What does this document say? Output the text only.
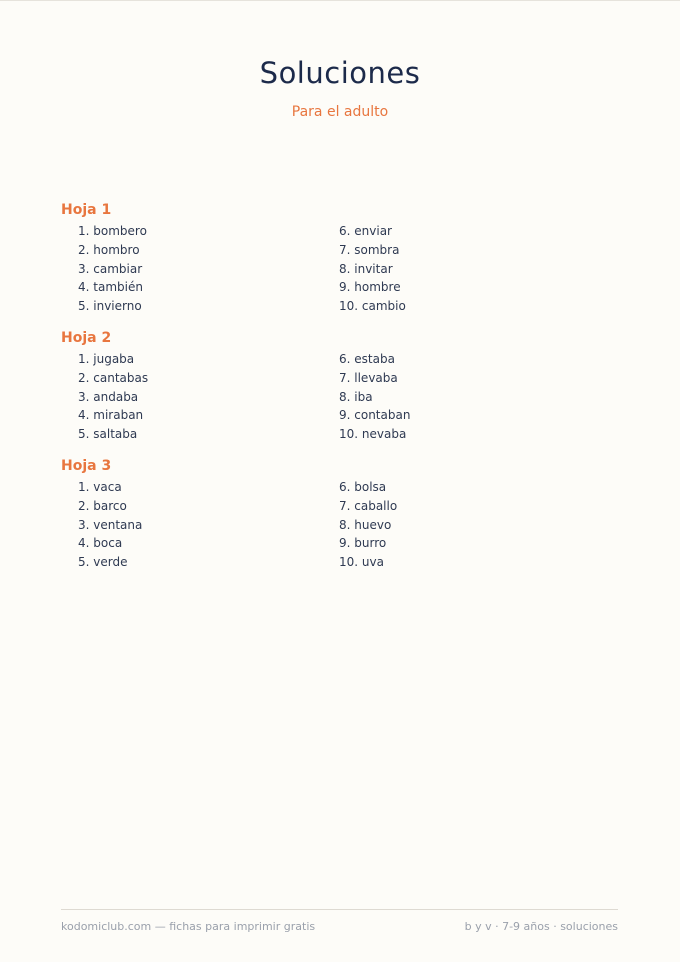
Soluciones
Para el adulto
Hoja 1
1. bombero
2. hombro
3. cambiar
4. también
5. invierno
6. enviar
7. sombra
8. invitar
9. hombre
10. cambio
Hoja 2
1. jugaba
2. cantabas
3. andaba
4. miraban
5. saltaba
6. estaba
7. llevaba
8. iba
9. contaban
10. nevaba
Hoja 3
1. vaca
2. barco
3. ventana
4. boca
5. verde
6. bolsa
7. caballo
8. huevo
9. burro
10. uva
kodomiclub.com — fichas para imprimir gratis	b y v · 7-9 años · soluciones
